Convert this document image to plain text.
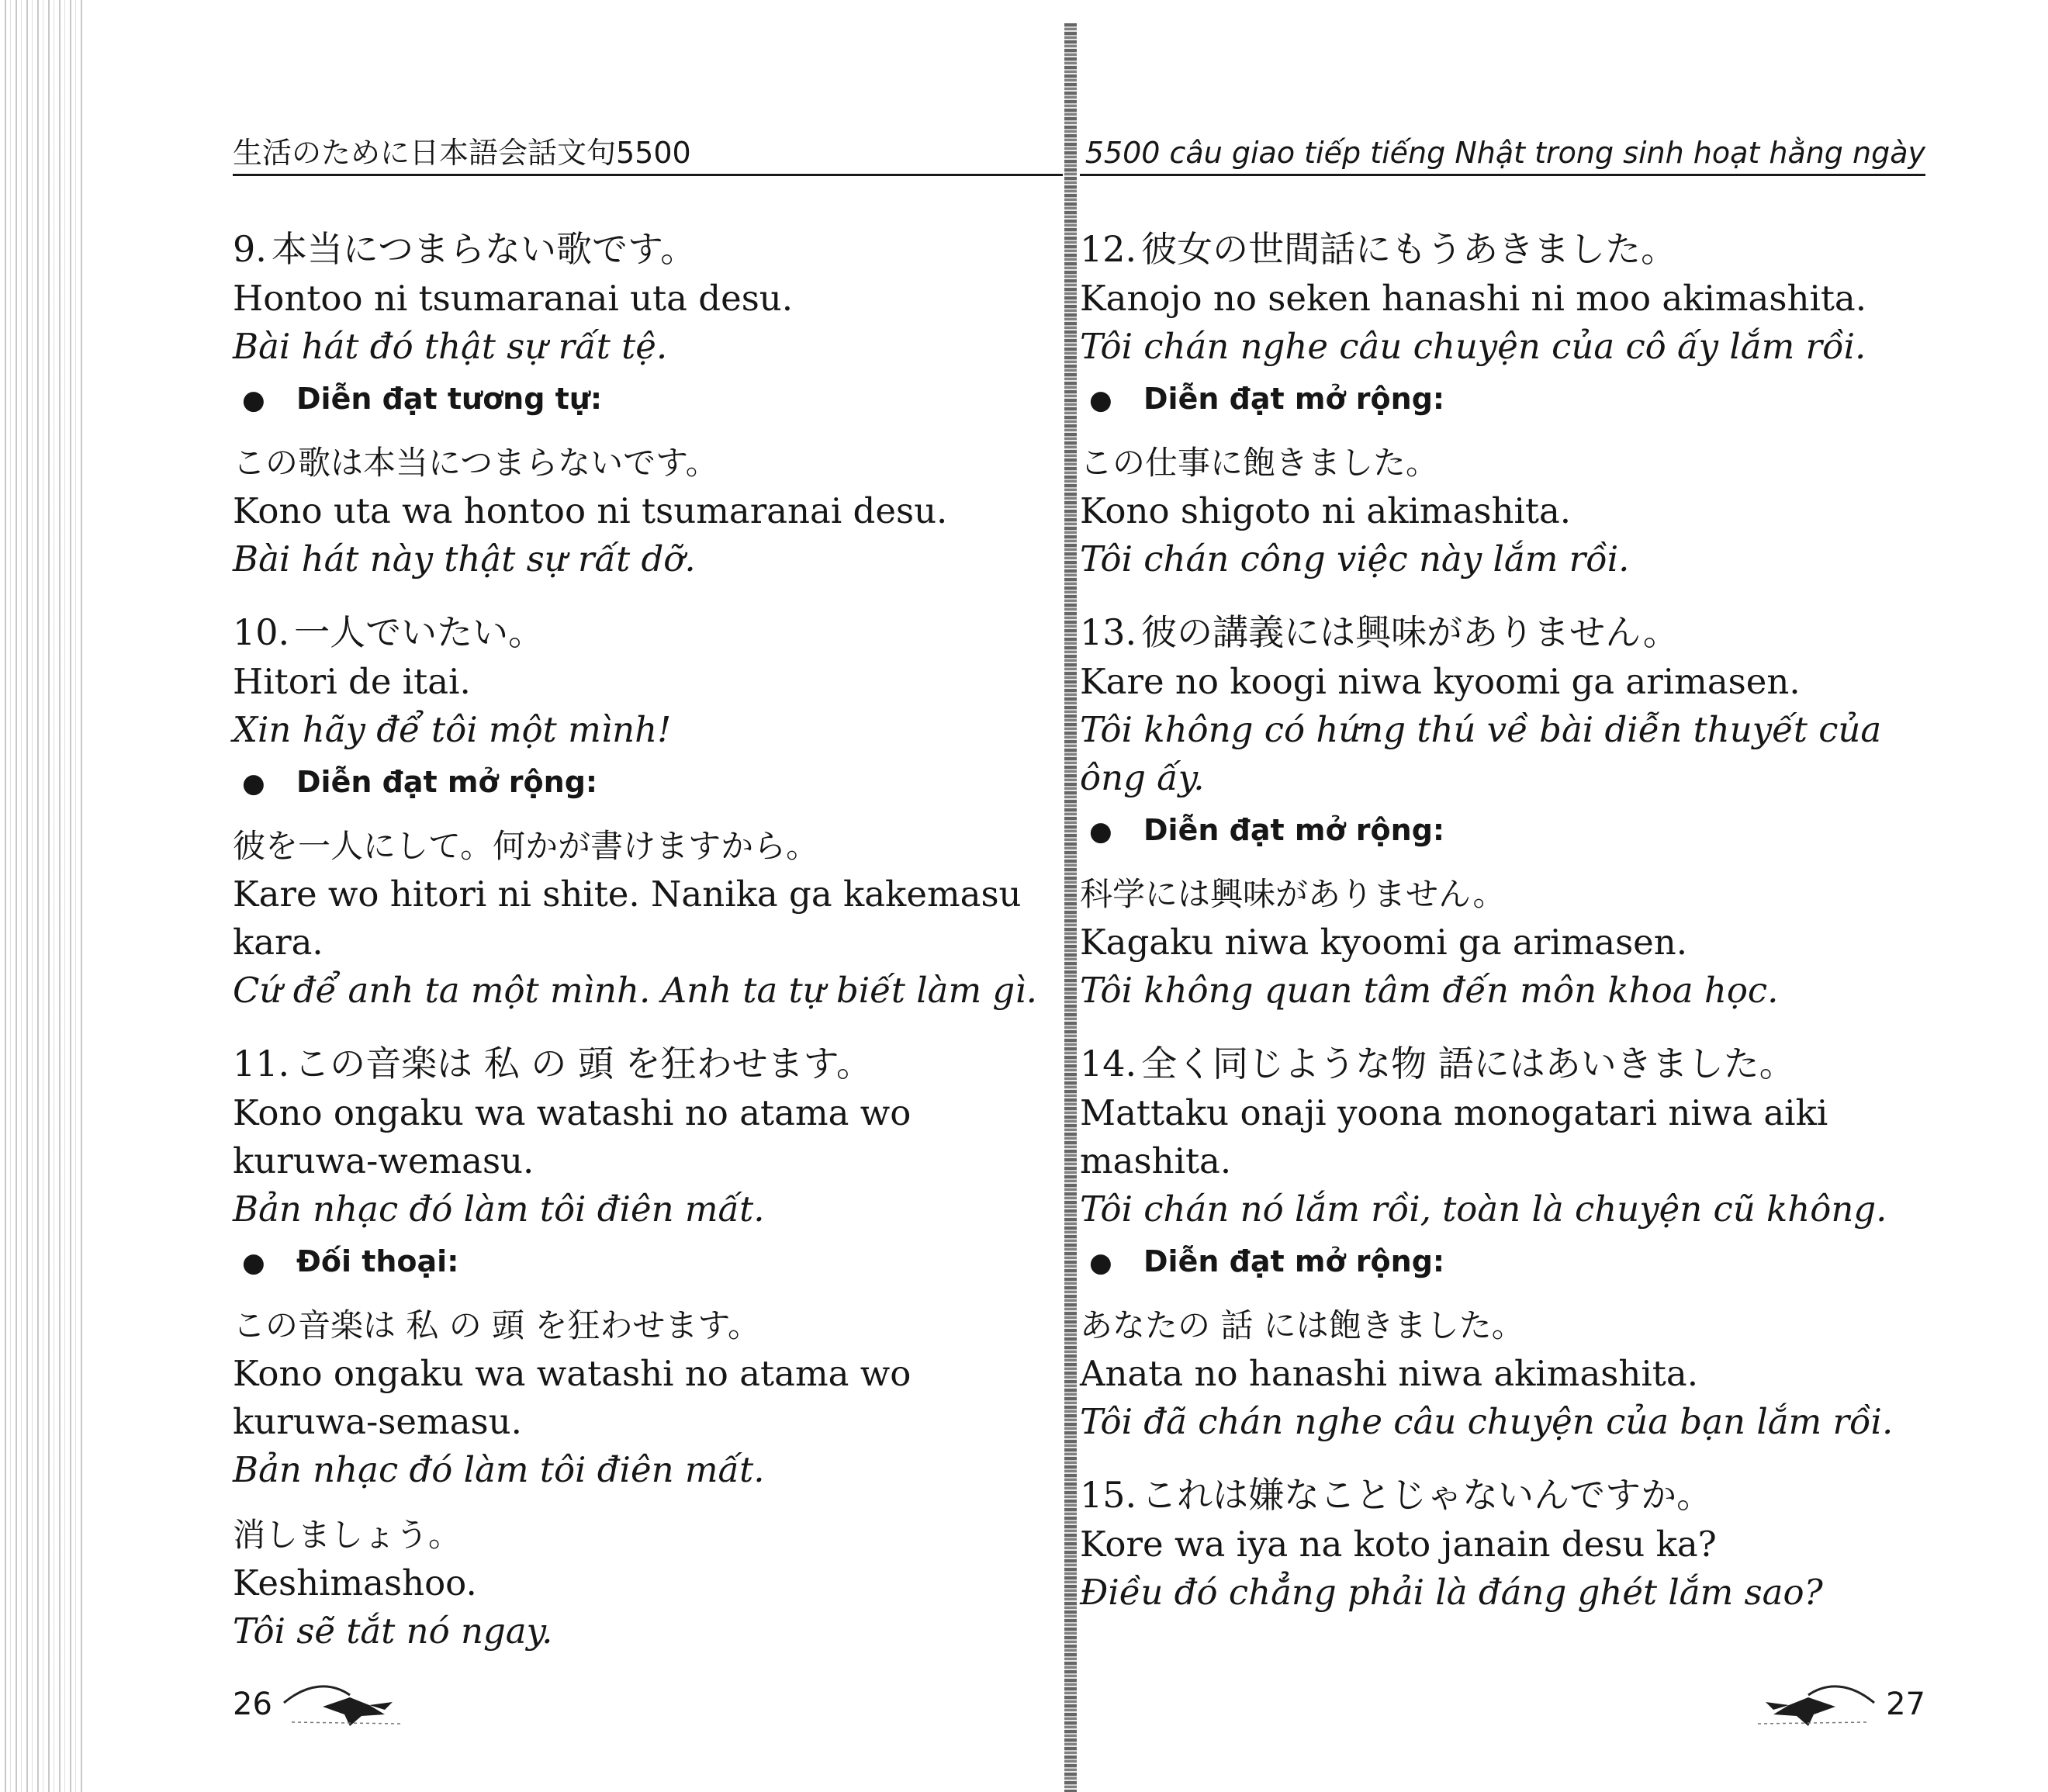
生活のために日本語会話文句5500
9. 本当につまらない歌です。
Hontoo ni tsumaranai uta desu.
Bài hát đó thật sự rất tệ.
● Diễn đạt tương tự:
この歌は本当につまらないです。
Kono uta wa hontoo ni tsumaranai desu.
Bài hát này thật sự rất dỡ.
10. 一人でいたい。
Hitori de itai.
Xin hãy để tôi một mình!
● Diễn đạt mở rộng:
彼を一人にして。何かが書けますから。
Kare wo hitori ni shite. Nanika ga kakemasu kara.
Cứ để anh ta một mình. Anh ta tự biết làm gì.
11. この音楽は 私 の 頭 を狂わせます。
Kono ongaku wa watashi no atama wo kuruwa-wemasu.
Bản nhạc đó làm tôi điên mất.
● Đối thoại:
この音楽は 私 の 頭 を狂わせます。
Kono ongaku wa watashi no atama wo kuruwa-semasu.
Bản nhạc đó làm tôi điên mất.
消しましょう。
Keshimashoo.
Tôi sẽ tắt nó ngay.
26
5500 câu giao tiếp tiếng Nhật trong sinh hoạt hằng ngày
12. 彼女の世間話にもうあきました。
Kanojo no seken hanashi ni moo akimashita.
Tôi chán nghe câu chuyện của cô ấy lắm rồi.
● Diễn đạt mở rộng:
この仕事に飽きました。
Kono shigoto ni akimashita.
Tôi chán công việc này lắm rồi.
13. 彼の講義には興味がありません。
Kare no koogi niwa kyoomi ga arimasen.
Tôi không có hứng thú về bài diễn thuyết của ông ấy.
● Diễn đạt mở rộng:
科学には興味がありません。
Kagaku niwa kyoomi ga arimasen.
Tôi không quan tâm đến môn khoa học.
14. 全く同じような物 語にはあいきました。
Mattaku onaji yoona monogatari niwa aiki mashita.
Tôi chán nó lắm rồi, toàn là chuyện cũ không.
● Diễn đạt mở rộng:
あなたの 話 には飽きました。
Anata no hanashi niwa akimashita.
Tôi đã chán nghe câu chuyện của bạn lắm rồi.
15. これは嫌なことじゃないんですか。
Kore wa iya na koto janain desu ka?
Điều đó chẳng phải là đáng ghét lắm sao?
27
